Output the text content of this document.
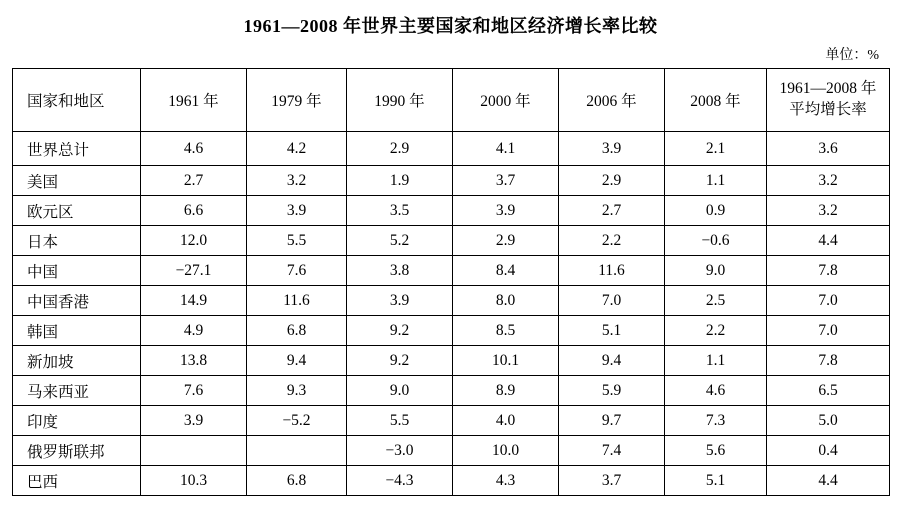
1961—2008 年世界主要国家和地区经济增长率比较
单位：%
国家和地区	1961 年	1979 年	1990 年	2000 年	2006 年	2008 年	1961—2008 年
平均增长率

世界总计	4.6	4.2	2.9	4.1	3.9	2.1	3.6
美国	2.7	3.2	1.9	3.7	2.9	1.1	3.2
欧元区	6.6	3.9	3.5	3.9	2.7	0.9	3.2
日本	12.0	5.5	5.2	2.9	2.2	−0.6	4.4
中国	−27.1	7.6	3.8	8.4	11.6	9.0	7.8
中国香港	14.9	11.6	3.9	8.0	7.0	2.5	7.0
韩国	4.9	6.8	9.2	8.5	5.1	2.2	7.0
新加坡	13.8	9.4	9.2	10.1	9.4	1.1	7.8
马来西亚	7.6	9.3	9.0	8.9	5.9	4.6	6.5
印度	3.9	−5.2	5.5	4.0	9.7	7.3	5.0
俄罗斯联邦			−3.0	10.0	7.4	5.6	0.4
巴西	10.3	6.8	−4.3	4.3	3.7	5.1	4.4
